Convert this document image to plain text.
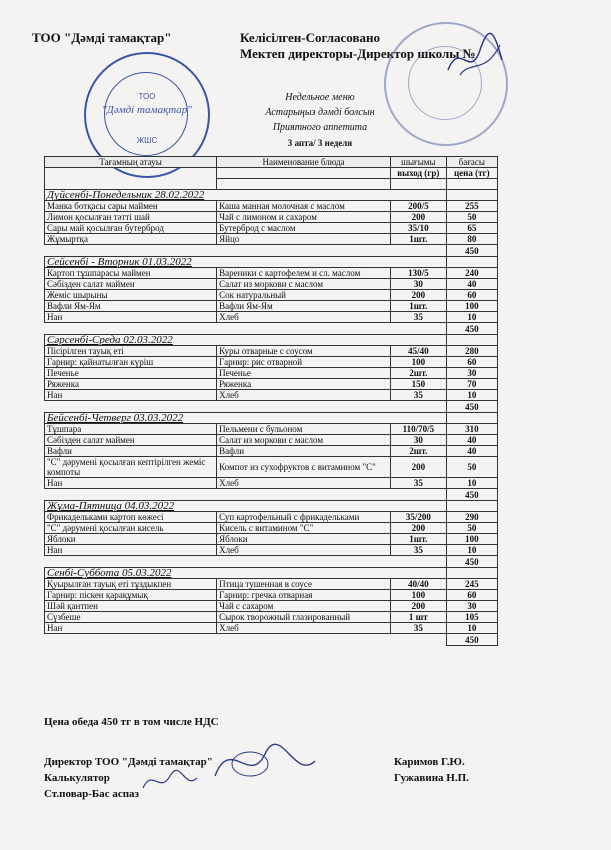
ТОО "Дәмді тамақтар"	Келісілген-Согласовано
Мектеп директоры-Директор школы №
ТОО
"Дәмді тамақтар"
ЖШС
Недельное меню
Астарыңыз дәмді болсын
Приятного аппетита
3 апта/ 3 неделя
Тағамның атауы	Наименование блюда	шығымы	бағасы
		выход (гр)	цена (тг)

Дүйсенбі-Понедельник 28.02.2022			
Манка ботқасы сары маймен	Каша манная молочная с маслом	200/5	255
Лимон қосылған тәтті шай	Чай с лимоном и сахаром	200	50
Сары май қосылған бутерброд	Бутерброд с маслом	35/10	65
Жұмыртқа	Яйцо	1шт.	80
			450
Сейсенбі - Вторник 01.03.2022			
Картоп тұшпарасы маймен	Вареники с картофелем и сл. маслом	130/5	240
Сәбізден салат маймен	Салат из моркови с маслом	30	40
Жеміс шырыны	Сок натуральный	200	60
Вафли Ям-Ям	Вафли Ям-Ям	1шт.	100
Нан	Хлеб	35	10
			450
Сәрсенбі-Среда 02.03.2022			
Пісірілген тауық еті	Куры отварные с соусом	45/40	280
Гарнир: қайнатылған күріш	Гарнир: рис отварной	100	60
Печенье	Печенье	2шт.	30
Ряженка	Ряженка	150	70
Нан	Хлеб	35	10
			450
Бейсенбі-Четверг 03.03.2022			
Тұшпара	Пельмени с бульоном	110/70/5	310
Сәбізден салат маймен	Салат из моркови с маслом	30	40
Вафли	Вафли	2шт.	40
"С" дәрумені қосылған кептірілген жеміс компоты	Компот из сухофруктов с витамином "С"	200	50
Нан	Хлеб	35	10
			450
Жұма-Пятница 04.03.2022			
Фрикадельками картоп көжесі	Суп картофельный с фрикадельками	35/200	290
"С" дәрумені қосылған кисель	Кисель с витамином "С"	200	50
Яблоки	Яблоки	1шт.	100
Нан	Хлеб	35	10
			450
Сенбі-Суббота 05.03.2022			
Қуырылған тауық еті тұздыкпен	Птица тушенная в соусе	40/40	245
Гарнир: піскен қарақұмық	Гарнир: гречка отварная	100	60
Шәй қантпен	Чай с сахаром	200	30
Сүзбеше	Сырок творожный глазированный	1 шт	105
Нан	Хлеб	35	10
			450
Цена обеда 450 тг в том числе НДС
Директор ТОО "Дәмді тамақтар"	Каримов Г.Ю.
Калькулятор	Гужавина Н.П.
Ст.повар-Бас аспаз
